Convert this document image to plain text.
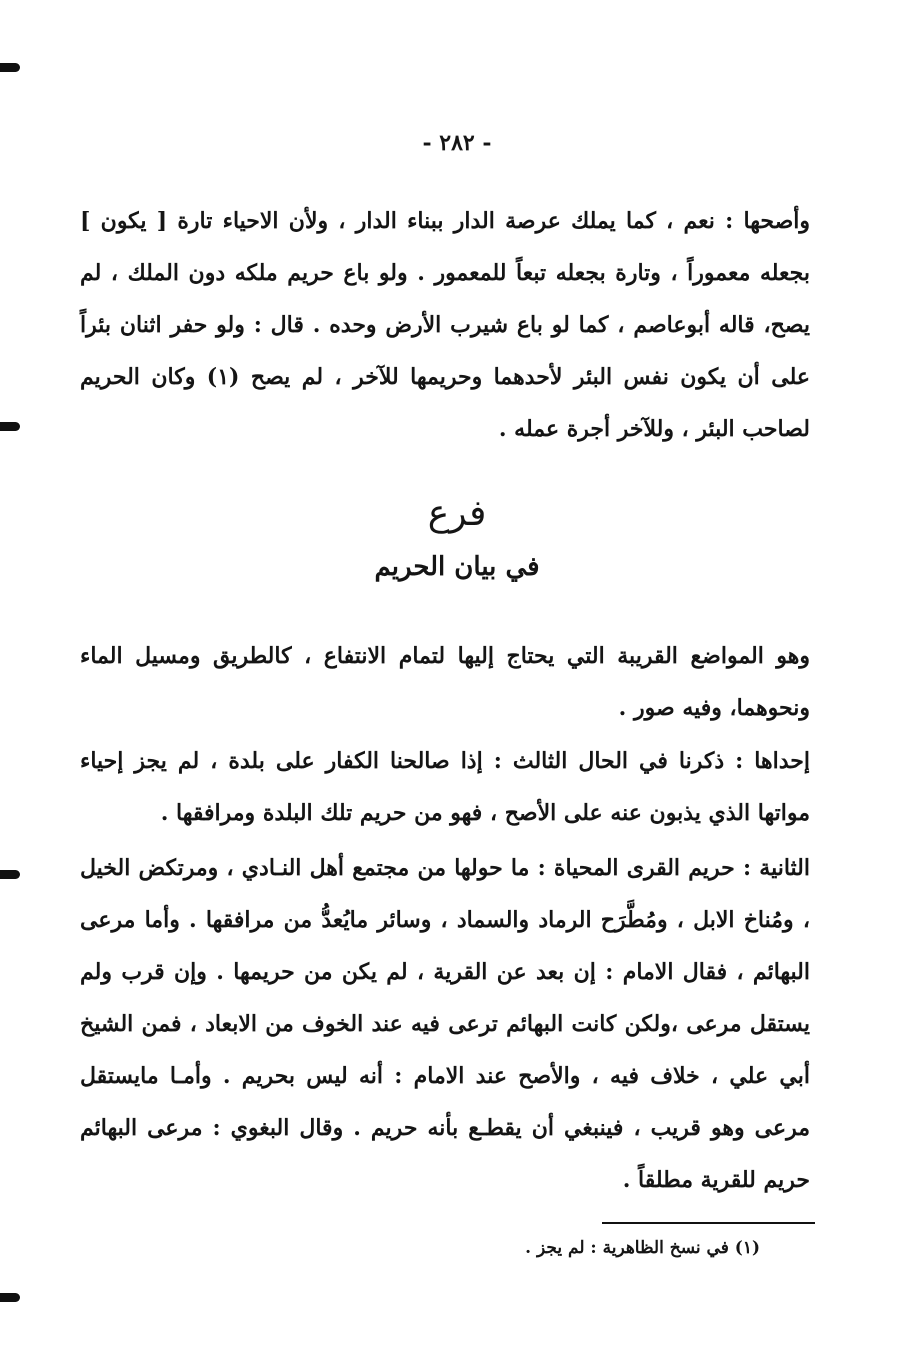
- ٢٨٢ -

وأصحها : نعم ، كما يملك عرصة الدار ببناء الدار ، ولأن الاحياء تارة [ يكون ] بجعله معموراً ، وتارة بجعله تبعاً للمعمور . ولو باع حريم ملكه دون الملك ، لم يصح، قاله أبوعاصم ، كما لو باع شيرب الأرض وحده . قال : ولو حفر اثنان بئراً على أن يكون نفس البئر لأحدهما وحريمها للآخر ، لم يصح (١) وكان الحريم لصاحب البئر ، وللآخر أجرة عمله .

فرع
في بيان الحريم

وهو المواضع القريبة التي يحتاج إليها لتمام الانتفاع ، كالطريق ومسيل الماء ونحوهما، وفيه صور .

إحداها : ذكرنا في الحال الثالث : إذا صالحنا الكفار على بلدة ، لم يجز إحياء مواتها الذي يذبون عنه على الأصح ، فهو من حريم تلك البلدة ومرافقها .

الثانية : حريم القرى المحياة : ما حولها من مجتمع أهل النـادي ، ومرتكض الخيل ، ومُناخ الابل ، ومُطَّرَح الرماد والسماد ، وسائر مايُعدُّ من مرافقها . وأما مرعى البهائم ، فقال الامام : إن بعد عن القرية ، لم يكن من حريمها . وإن قرب ولم يستقل مرعى ،ولكن كانت البهائم ترعى فيه عند الخوف من الابعاد ، فمن الشيخ أبي علي ، خلاف فيه ، والأصح عند الامام : أنه ليس بحريم . وأمـا مايستقل مرعى وهو قريب ، فينبغي أن يقطـع بأنه حريم . وقال البغوي : مرعى البهائم حريم للقرية مطلقاً .

(١) في نسخ الظاهرية : لم يجز .
